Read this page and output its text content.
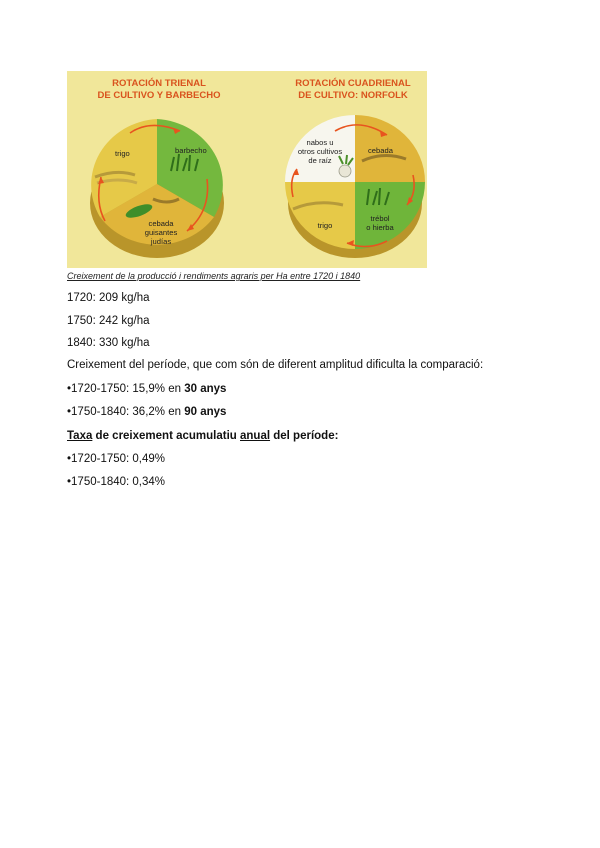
ROTACIÓN TRIENAL
DE CULTIVO Y BARBECHO
trigo	barbecho
cebada
guisantes
judías
ROTACIÓN CUADRIENAL
DE CULTIVO: NORFOLK
nabos u
otros cultivos
de raíz
cebada
trébol
o hierba
trigo
Creixement de la producció i rendiments agraris per Ha entre 1720 i 1840
1720: 209 kg/ha
1750: 242 kg/ha
1840: 330 kg/ha
Creixement del període, que com són de diferent amplitud dificulta la comparació:
•1720-1750: 15,9% en 30 anys
•1750-1840: 36,2% en 90 anys
Taxa de creixement acumulatiu anual del període:
•1720-1750: 0,49%
•1750-1840: 0,34%
